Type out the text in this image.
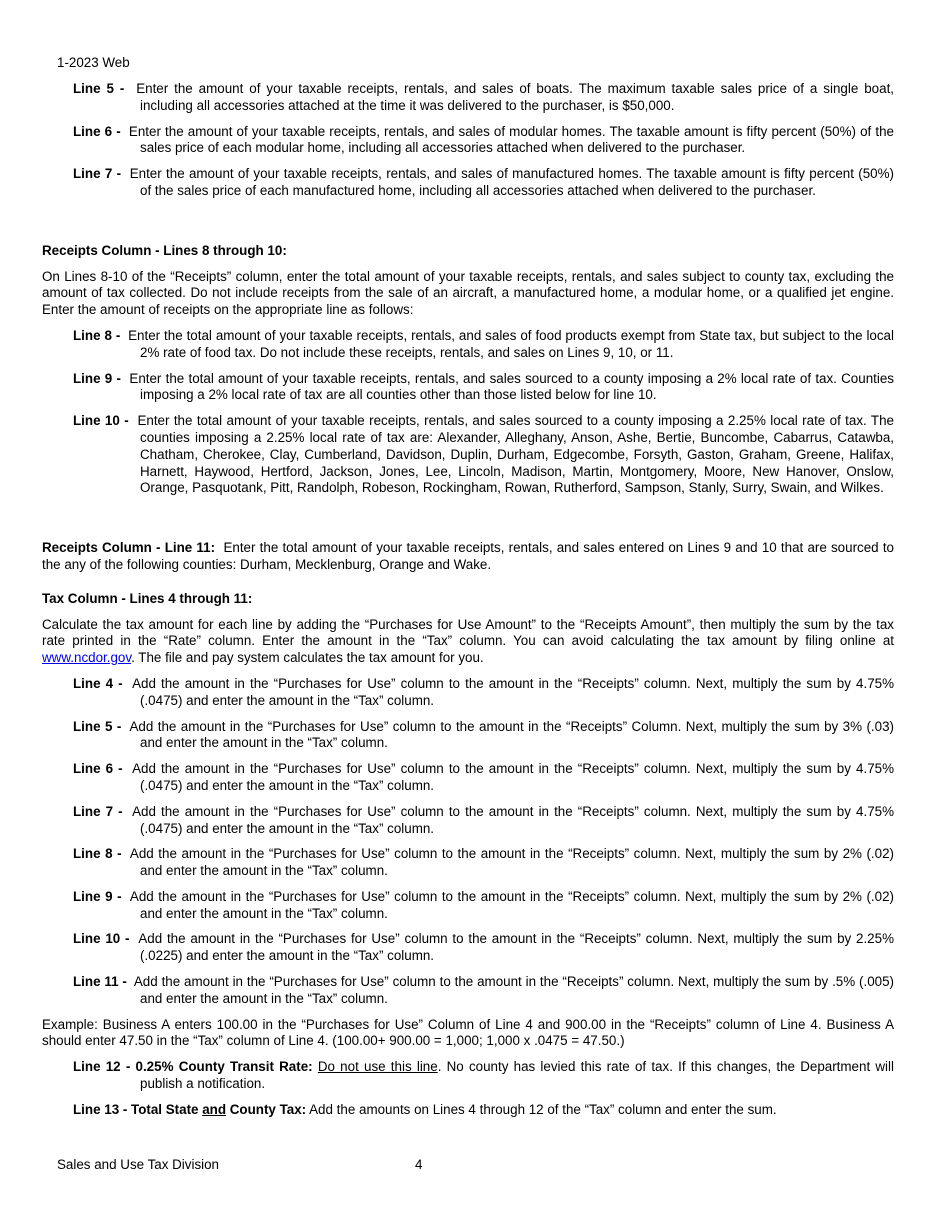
1-2023 Web
Line 5 - Enter the amount of your taxable receipts, rentals, and sales of boats. The maximum taxable sales price of a single boat, including all accessories attached at the time it was delivered to the purchaser, is $50,000.
Line 6 - Enter the amount of your taxable receipts, rentals, and sales of modular homes. The taxable amount is fifty percent (50%) of the sales price of each modular home, including all accessories attached when delivered to the purchaser.
Line 7 - Enter the amount of your taxable receipts, rentals, and sales of manufactured homes. The taxable amount is fifty percent (50%) of the sales price of each manufactured home, including all accessories attached when delivered to the purchaser.
Receipts Column - Lines 8 through 10:
On Lines 8-10 of the “Receipts” column, enter the total amount of your taxable receipts, rentals, and sales subject to county tax, excluding the amount of tax collected. Do not include receipts from the sale of an aircraft, a manufactured home, a modular home, or a qualified jet engine. Enter the amount of receipts on the appropriate line as follows:
Line 8 - Enter the total amount of your taxable receipts, rentals, and sales of food products exempt from State tax, but subject to the local 2% rate of food tax. Do not include these receipts, rentals, and sales on Lines 9, 10, or 11.
Line 9 - Enter the total amount of your taxable receipts, rentals, and sales sourced to a county imposing a 2% local rate of tax. Counties imposing a 2% local rate of tax are all counties other than those listed below for line 10.
Line 10 - Enter the total amount of your taxable receipts, rentals, and sales sourced to a county imposing a 2.25% local rate of tax. The counties imposing a 2.25% local rate of tax are: Alexander, Alleghany, Anson, Ashe, Bertie, Buncombe, Cabarrus, Catawba, Chatham, Cherokee, Clay, Cumberland, Davidson, Duplin, Durham, Edgecombe, Forsyth, Gaston, Graham, Greene, Halifax, Harnett, Haywood, Hertford, Jackson, Jones, Lee, Lincoln, Madison, Martin, Montgomery, Moore, New Hanover, Onslow, Orange, Pasquotank, Pitt, Randolph, Robeson, Rockingham, Rowan, Rutherford, Sampson, Stanly, Surry, Swain, and Wilkes.
Receipts Column - Line 11: Enter the total amount of your taxable receipts, rentals, and sales entered on Lines 9 and 10 that are sourced to the any of the following counties: Durham, Mecklenburg, Orange and Wake.
Tax Column - Lines 4 through 11:
Calculate the tax amount for each line by adding the “Purchases for Use Amount” to the “Receipts Amount”, then multiply the sum by the tax rate printed in the “Rate” column. Enter the amount in the “Tax” column. You can avoid calculating the tax amount by filing online at www.ncdor.gov. The file and pay system calculates the tax amount for you.
Line 4 - Add the amount in the “Purchases for Use” column to the amount in the “Receipts” column. Next, multiply the sum by 4.75% (.0475) and enter the amount in the “Tax” column.
Line 5 - Add the amount in the “Purchases for Use” column to the amount in the “Receipts” Column. Next, multiply the sum by 3% (.03) and enter the amount in the “Tax” column.
Line 6 - Add the amount in the “Purchases for Use” column to the amount in the “Receipts” column. Next, multiply the sum by 4.75% (.0475) and enter the amount in the “Tax” column.
Line 7 - Add the amount in the “Purchases for Use” column to the amount in the “Receipts” column. Next, multiply the sum by 4.75% (.0475) and enter the amount in the “Tax” column.
Line 8 - Add the amount in the “Purchases for Use” column to the amount in the “Receipts” column. Next, multiply the sum by 2% (.02) and enter the amount in the “Tax” column.
Line 9 - Add the amount in the “Purchases for Use” column to the amount in the “Receipts” column. Next, multiply the sum by 2% (.02) and enter the amount in the “Tax” column.
Line 10 - Add the amount in the “Purchases for Use” column to the amount in the “Receipts” column. Next, multiply the sum by 2.25% (.0225) and enter the amount in the “Tax” column.
Line 11 - Add the amount in the “Purchases for Use” column to the amount in the “Receipts” column. Next, multiply the sum by .5% (.005) and enter the amount in the “Tax” column.
Example: Business A enters 100.00 in the “Purchases for Use” Column of Line 4 and 900.00 in the “Receipts” column of Line 4. Business A should enter 47.50 in the “Tax” column of Line 4. (100.00+ 900.00 = 1,000; 1,000 x .0475 = 47.50.)
Line 12 - 0.25% County Transit Rate: Do not use this line. No county has levied this rate of tax. If this changes, the Department will publish a notification.
Line 13 - Total State and County Tax: Add the amounts on Lines 4 through 12 of the “Tax” column and enter the sum.
Sales and Use Tax Division	4
